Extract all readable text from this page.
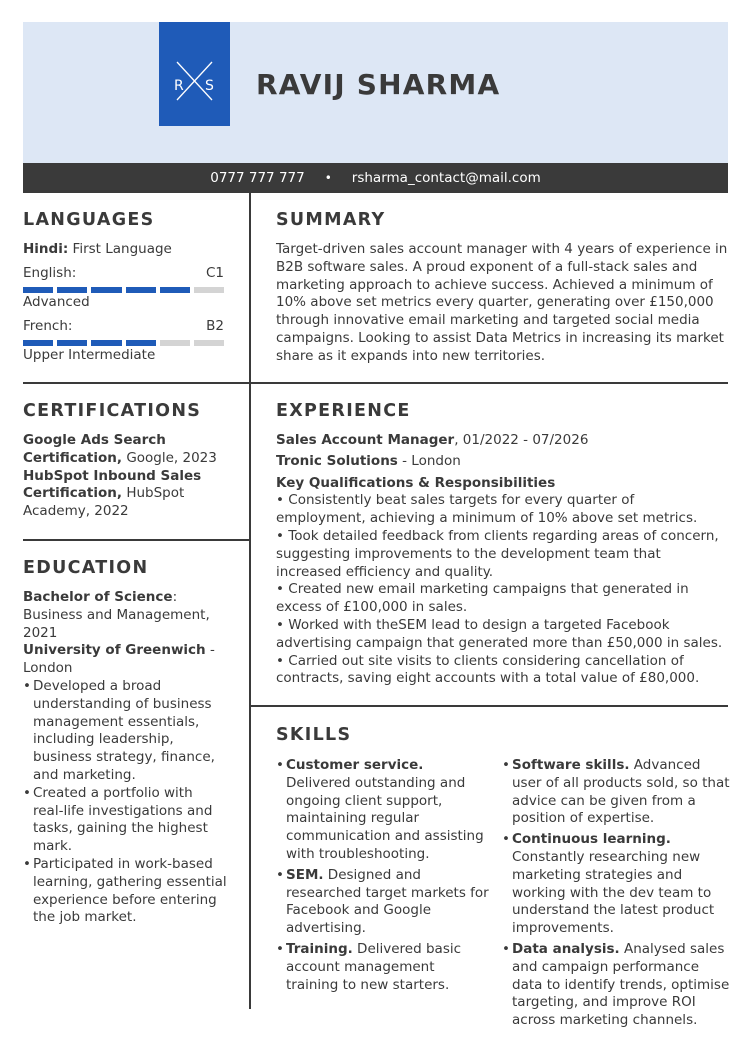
R S RAVIJ SHARMA
0777 777 777 • rsharma_contact@mail.com
LANGUAGES
Hindi: First Language
English:	C1
Advanced
French:	B2
Upper Intermediate
SUMMARY
Target-driven sales account manager with 4 years of experience in B2B software sales. A proud exponent of a full-stack sales and marketing approach to achieve success. Achieved a minimum of 10% above set metrics every quarter, generating over £150,000 through innovative email marketing and targeted social media campaigns. Looking to assist Data Metrics in increasing its market share as it expands into new territories.
CERTIFICATIONS
Google Ads Search Certification, Google, 2023
HubSpot Inbound Sales Certification, HubSpot Academy, 2022
EDUCATION
Bachelor of Science: Business and Management, 2021
University of Greenwich - London
• Developed a broad understanding of business management essentials, including leadership, business strategy, finance, and marketing.
• Created a portfolio with real-life investigations and tasks, gaining the highest mark.
• Participated in work-based learning, gathering essential experience before entering the job market.
EXPERIENCE
Sales Account Manager, 01/2022 - 07/2026
Tronic Solutions - London
Key Qualifications & Responsibilities
• Consistently beat sales targets for every quarter of employment, achieving a minimum of 10% above set metrics.
• Took detailed feedback from clients regarding areas of concern, suggesting improvements to the development team that increased efficiency and quality.
• Created new email marketing campaigns that generated in excess of £100,000 in sales.
• Worked with theSEM lead to design a targeted Facebook advertising campaign that generated more than £50,000 in sales.
• Carried out site visits to clients considering cancellation of contracts, saving eight accounts with a total value of £80,000.
SKILLS
• Customer service. Delivered outstanding and ongoing client support, maintaining regular communication and assisting with troubleshooting.
• SEM. Designed and researched target markets for Facebook and Google advertising.
• Training. Delivered basic account management training to new starters.
• Software skills. Advanced user of all products sold, so that advice can be given from a position of expertise.
• Continuous learning. Constantly researching new marketing strategies and working with the dev team to understand the latest product improvements.
• Data analysis. Analysed sales and campaign performance data to identify trends, optimise targeting, and improve ROI across marketing channels.
